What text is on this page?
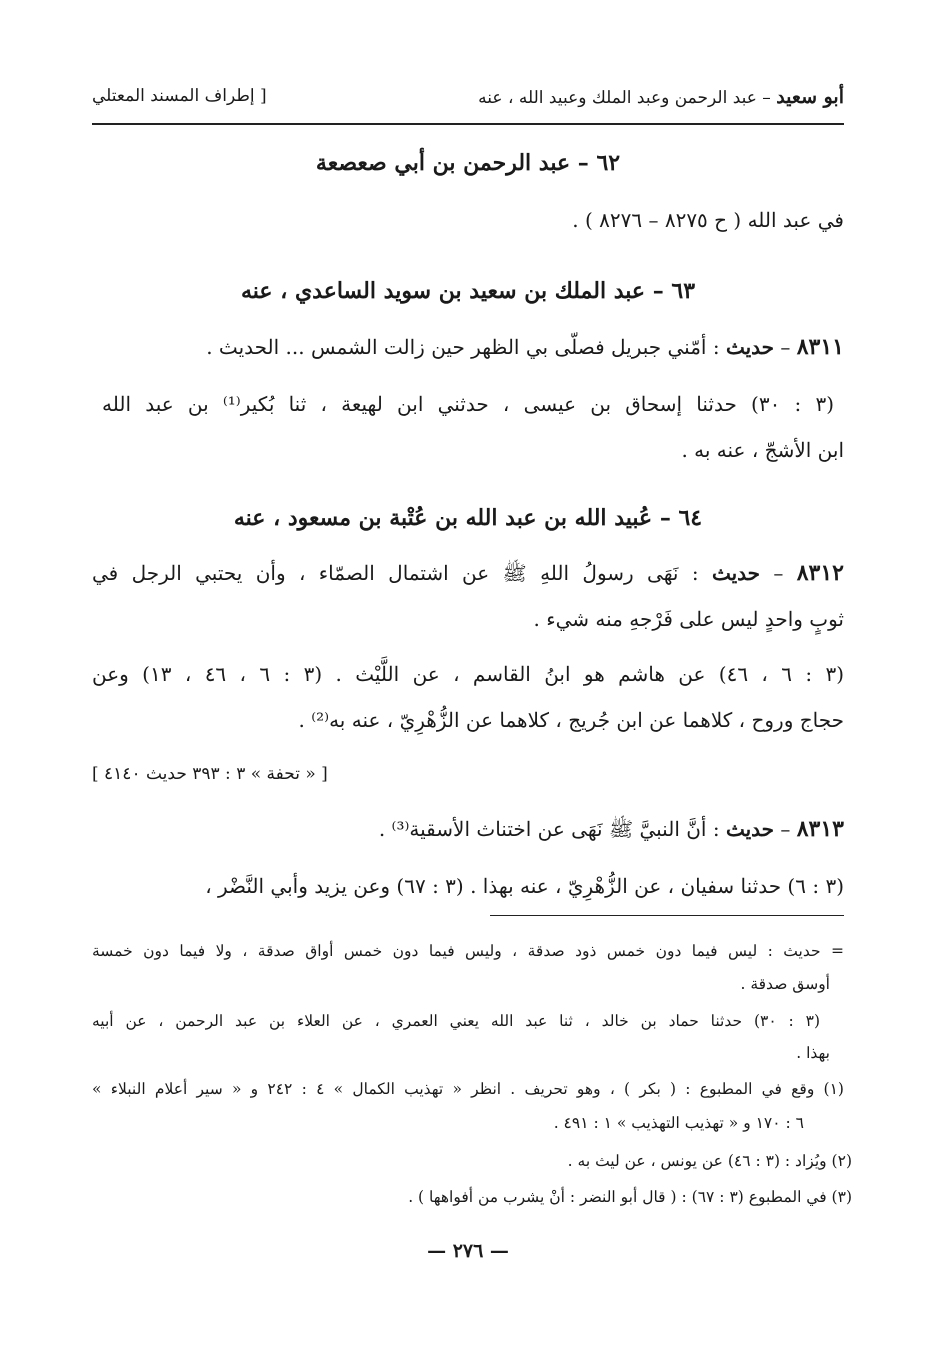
أبو سعيد – عبد الرحمن وعبد الملك وعبيد الله ، عنه
[ إطراف المسند المعتلي
٦٢ – عبد الرحمن بن أبي صعصعة
في عبد الله ( ح ٨٢٧٥ – ٨٢٧٦ ) .
٦٣ – عبد الملك بن سعيد بن سويد الساعدي ، عنه
٨٣١١ – حديث : أمّني جبريل فصلّى بي الظهر حين زالت الشمس ... الحديث .
(٣ : ٣٠) حدثنا إسحاق بن عيسى ، حدثني ابن لهيعة ، ثنا بُكير⁽¹⁾ بن عبد الله
ابن الأشجّ ، عنه به .
٦٤ – عُبيد الله بن عبد الله بن عُتْبة بن مسعود ، عنه
٨٣١٢ – حديث : نَهَى رسولُ اللهِ ﷺ عن اشتمال الصمّاء ، وأن يحتبي الرجل في
ثوبٍ واحدٍ ليس على فَرْجهِ منه شيء .
(٣ : ٦ ، ٤٦) عن هاشم هو ابنُ القاسم ، عن اللَّيْث . (٣ : ٦ ، ٤٦ ، ١٣) وعن
حجاج وروح ، كلاهما عن ابن جُريج ، كلاهما عن الزُّهْرِيّ ، عنه به⁽²⁾ .
[ « تحفة » ٣ : ٣٩٣ حديث ٤١٤٠ ]
٨٣١٣ – حديث : أنَّ النبيَّ ﷺ نَهَى عن اختناث الأسقية⁽³⁾ .
(٣ : ٦) حدثنا سفيان ، عن الزُّهْرِيّ ، عنه بهذا . (٣ : ٦٧) وعن يزيد وأبي النَّضْر ،
= حديث : ليس فيما دون خمس ذود صدقة ، وليس فيما دون خمس أواق صدقة ، ولا فيما دون خمسة
أوسق صدقة .
(٣ : ٣٠) حدثنا حماد بن خالد ، ثنا عبد الله يعني العمري ، عن العلاء بن عبد الرحمن ، عن أبيه
بهذا .
(١) وقع في المطبوع : ( بكر ) ، وهو تحريف . انظر « تهذيب الكمال » ٤ : ٢٤٢ و « سير أعلام النبلاء »
٦ : ١٧٠ و « تهذيب التهذيب » ١ : ٤٩١ .
(٢) ويُزاد : (٣ : ٤٦) عن يونس ، عن ليث به .
(٣) في المطبوع (٣ : ٦٧) : ( قال أبو النضر : أنْ يشرب من أفواهها ) .
— ٢٧٦ —
